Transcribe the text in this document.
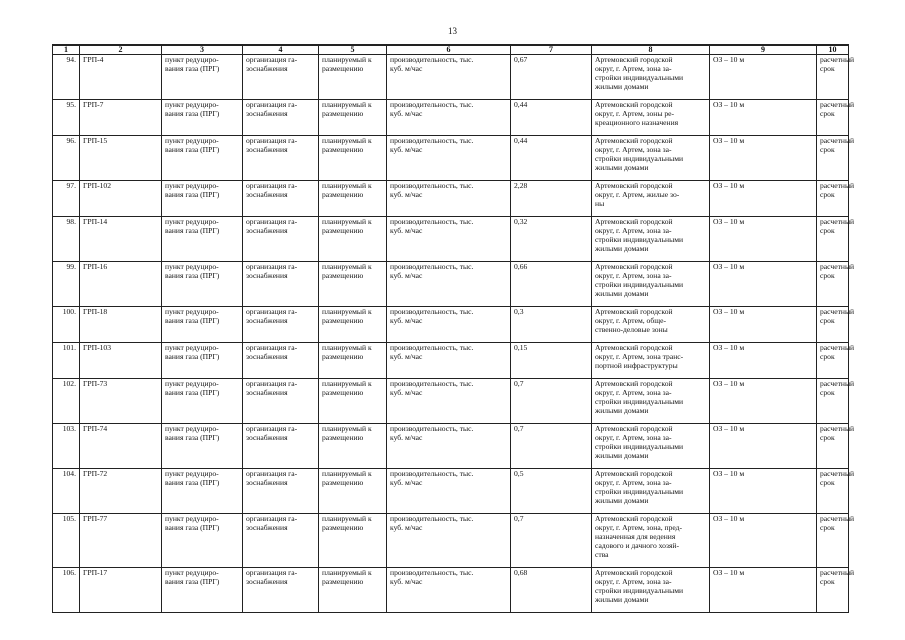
13
1	2	3	4	5	6	7	8	9	10
94.	ГРП-4	пункт редуциро-
вания газа (ПРГ)	организация га-
зоснабжения	планируемый к
размещению	производительность, тыс.
куб. м/час	0,67	Артемовский городской
округ, г. Артем, зона за-
стройки индивидуальными
жилыми домами	ОЗ – 10 м	расчетный
срок
95.	ГРП-7	пункт редуциро-
вания газа (ПРГ)	организация га-
зоснабжения	планируемый к
размещению	производительность, тыс.
куб. м/час	0,44	Артемовский городской
округ, г. Артем, зоны ре-
креационного назначения	ОЗ – 10 м	расчетный
срок
96.	ГРП-15	пункт редуциро-
вания газа (ПРГ)	организация га-
зоснабжения	планируемый к
размещению	производительность, тыс.
куб. м/час	0,44	Артемовский городской
округ, г. Артем, зона за-
стройки индивидуальными
жилыми домами	ОЗ – 10 м	расчетный
срок
97.	ГРП-102	пункт редуциро-
вания газа (ПРГ)	организация га-
зоснабжения	планируемый к
размещению	производительность, тыс.
куб. м/час	2,28	Артемовский городской
округ, г. Артем, жилые зо-
ны	ОЗ – 10 м	расчетный
срок
98.	ГРП-14	пункт редуциро-
вания газа (ПРГ)	организация га-
зоснабжения	планируемый к
размещению	производительность, тыс.
куб. м/час	0,32	Артемовский городской
округ, г. Артем, зона за-
стройки индивидуальными
жилыми домами	ОЗ – 10 м	расчетный
срок
99.	ГРП-16	пункт редуциро-
вания газа (ПРГ)	организация га-
зоснабжения	планируемый к
размещению	производительность, тыс.
куб. м/час	0,66	Артемовский городской
округ, г. Артем, зона за-
стройки индивидуальными
жилыми домами	ОЗ – 10 м	расчетный
срок
100.	ГРП-18	пункт редуциро-
вания газа (ПРГ)	организация га-
зоснабжения	планируемый к
размещению	производительность, тыс.
куб. м/час	0,3	Артемовский городской
округ, г. Артем, обще-
ственно-деловые зоны	ОЗ – 10 м	расчетный
срок
101.	ГРП-103	пункт редуциро-
вания газа (ПРГ)	организация га-
зоснабжения	планируемый к
размещению	производительность, тыс.
куб. м/час	0,15	Артемовский городской
округ, г. Артем, зона транс-
портной инфраструктуры	ОЗ – 10 м	расчетный
срок
102.	ГРП-73	пункт редуциро-
вания газа (ПРГ)	организация га-
зоснабжения	планируемый к
размещению	производительность, тыс.
куб. м/час	0,7	Артемовский городской
округ, г. Артем, зона за-
стройки индивидуальными
жилыми домами	ОЗ – 10 м	расчетный
срок
103.	ГРП-74	пункт редуциро-
вания газа (ПРГ)	организация га-
зоснабжения	планируемый к
размещению	производительность, тыс.
куб. м/час	0,7	Артемовский городской
округ, г. Артем, зона за-
стройки индивидуальными
жилыми домами	ОЗ – 10 м	расчетный
срок
104.	ГРП-72	пункт редуциро-
вания газа (ПРГ)	организация га-
зоснабжения	планируемый к
размещению	производительность, тыс.
куб. м/час	0,5	Артемовский городской
округ, г. Артем, зона за-
стройки индивидуальными
жилыми домами	ОЗ – 10 м	расчетный
срок
105.	ГРП-77	пункт редуциро-
вания газа (ПРГ)	организация га-
зоснабжения	планируемый к
размещению	производительность, тыс.
куб. м/час	0,7	Артемовский городской
округ, г. Артем, зона, пред-
назначенная для ведения
садового и дачного хозяй-
ства	ОЗ – 10 м	расчетный
срок
106.	ГРП-17	пункт редуциро-
вания газа (ПРГ)	организация га-
зоснабжения	планируемый к
размещению	производительность, тыс.
куб. м/час	0,68	Артемовский городской
округ, г. Артем, зона за-
стройки индивидуальными
жилыми домами	ОЗ – 10 м	расчетный
срок
